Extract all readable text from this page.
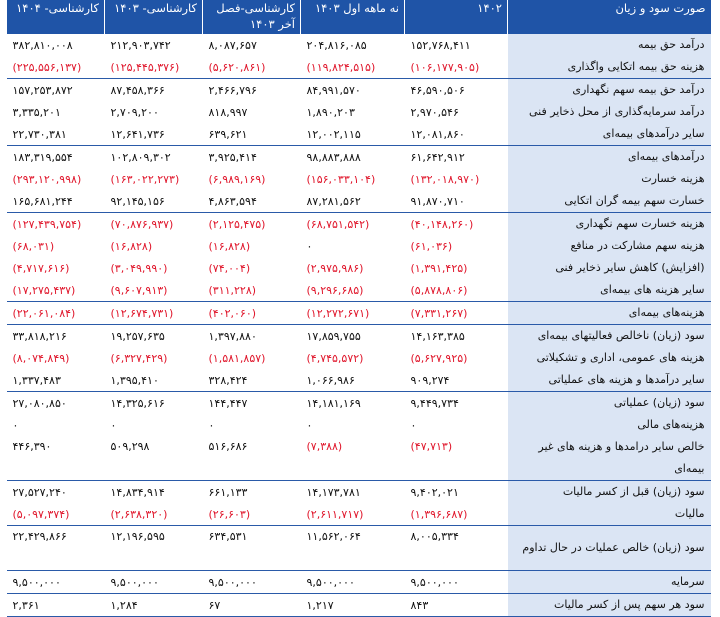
صورت سود و زیان	۱۴۰۲	نه ماهه اول ۱۴۰۳	کارشناسی-فصل آخر ۱۴۰۳	کارشناسی- ۱۴۰۳	کارشناسی- ۱۴۰۴
درآمد حق بیمه	۱۵۲,۷۶۸,۴۱۱	۲۰۴,۸۱۶,۰۸۵	۸,۰۸۷,۶۵۷	۲۱۲,۹۰۳,۷۴۲	۳۸۲,۸۱۰,۰۰۸
هزینه حق بیمه اتکایی واگذاری	(۱۰۶,۱۷۷,۹۰۵)	(۱۱۹,۸۲۴,۵۱۵)	(۵,۶۲۰,۸۶۱)	(۱۲۵,۴۴۵,۳۷۶)	(۲۲۵,۵۵۶,۱۳۷)
درآمد حق بیمه سهم نگهداری	۴۶,۵۹۰,۵۰۶	۸۴,۹۹۱,۵۷۰	۲,۴۶۶,۷۹۶	۸۷,۴۵۸,۳۶۶	۱۵۷,۲۵۳,۸۷۲
درآمد سرمایه‌گذاری از محل ذخایر فنی	۲,۹۷۰,۵۴۶	۱,۸۹۰,۲۰۳	۸۱۸,۹۹۷	۲,۷۰۹,۲۰۰	۳,۳۳۵,۲۰۱
سایر درآمدهای بیمه‌ای	۱۲,۰۸۱,۸۶۰	۱۲,۰۰۲,۱۱۵	۶۳۹,۶۲۱	۱۲,۶۴۱,۷۳۶	۲۲,۷۳۰,۳۸۱
درآمدهای بیمه‌ای	۶۱,۶۴۲,۹۱۲	۹۸,۸۸۳,۸۸۸	۳,۹۲۵,۴۱۴	۱۰۲,۸۰۹,۳۰۲	۱۸۳,۳۱۹,۵۵۴
هزینه خسارت	(۱۳۲,۰۱۸,۹۷۰)	(۱۵۶,۰۳۳,۱۰۴)	(۶,۹۸۹,۱۶۹)	(۱۶۳,۰۲۲,۲۷۳)	(۲۹۳,۱۲۰,۹۹۸)
خسارت سهم بیمه گران اتکایی	۹۱,۸۷۰,۷۱۰	۸۷,۲۸۱,۵۶۲	۴,۸۶۳,۵۹۴	۹۲,۱۴۵,۱۵۶	۱۶۵,۶۸۱,۲۴۴
هزینه خسارت سهم نگهداری	(۴۰,۱۴۸,۲۶۰)	(۶۸,۷۵۱,۵۴۲)	(۲,۱۲۵,۴۷۵)	(۷۰,۸۷۶,۹۳۷)	(۱۲۷,۴۳۹,۷۵۴)
هزینه سهم مشارکت در منافع	(۶۱,۰۳۶)	۰	(۱۶,۸۲۸)	(۱۶,۸۲۸)	(۶۸,۰۳۱)
(افزایش) کاهش سایر ذخایر فنی	(۱,۳۹۱,۴۲۵)	(۲,۹۷۵,۹۸۶)	(۷۴,۰۰۴)	(۳,۰۴۹,۹۹۰)	(۴,۷۱۷,۶۱۶)
سایر هزینه های بیمه‌ای	(۵,۸۷۸,۸۰۶)	(۹,۲۹۶,۶۸۵)	(۳۱۱,۲۲۸)	(۹,۶۰۷,۹۱۳)	(۱۷,۲۷۵,۴۳۷)
هزینه‌های بیمه‌ای	(۷,۳۳۱,۲۶۷)	(۱۲,۲۷۲,۶۷۱)	(۴۰۲,۰۶۰)	(۱۲,۶۷۴,۷۳۱)	(۲۲,۰۶۱,۰۸۴)
سود (زیان) ناخالص فعالیتهای بیمه‌ای	۱۴,۱۶۳,۳۸۵	۱۷,۸۵۹,۷۵۵	۱,۳۹۷,۸۸۰	۱۹,۲۵۷,۶۳۵	۳۳,۸۱۸,۲۱۶
هزینه های عمومی، اداری و تشکیلاتی	(۵,۶۲۷,۹۲۵)	(۴,۷۴۵,۵۷۲)	(۱,۵۸۱,۸۵۷)	(۶,۳۲۷,۴۲۹)	(۸,۰۷۴,۸۴۹)
سایر درآمدها و هزینه های عملیاتی	۹۰۹,۲۷۴	۱,۰۶۶,۹۸۶	۳۲۸,۴۲۴	۱,۳۹۵,۴۱۰	۱,۳۳۷,۴۸۳
سود (زیان) عملیاتی	۹,۴۴۹,۷۳۴	۱۴,۱۸۱,۱۶۹	۱۴۴,۴۴۷	۱۴,۳۲۵,۶۱۶	۲۷,۰۸۰,۸۵۰
هزینه‌های مالی	۰	۰	۰	۰	۰
خالص سایر درامدها و هزینه های غیر بیمه‌ای	(۴۷,۷۱۳)	(۷,۳۸۸)	۵۱۶,۶۸۶	۵۰۹,۲۹۸	۴۴۶,۳۹۰
سود (زیان) قبل از کسر مالیات	۹,۴۰۲,۰۲۱	۱۴,۱۷۳,۷۸۱	۶۶۱,۱۳۳	۱۴,۸۳۴,۹۱۴	۲۷,۵۲۷,۲۴۰
مالیات	(۱,۳۹۶,۶۸۷)	(۲,۶۱۱,۷۱۷)	(۲۶,۶۰۳)	(۲,۶۳۸,۳۲۰)	(۵,۰۹۷,۳۷۴)
سود (زیان) خالص عملیات در حال تداوم	۸,۰۰۵,۳۳۴	۱۱,۵۶۲,۰۶۴	۶۳۴,۵۳۱	۱۲,۱۹۶,۵۹۵	۲۲,۴۲۹,۸۶۶
سرمایه	۹,۵۰۰,۰۰۰	۹,۵۰۰,۰۰۰	۹,۵۰۰,۰۰۰	۹,۵۰۰,۰۰۰	۹,۵۰۰,۰۰۰
سود هر سهم پس از کسر مالیات	۸۴۳	۱,۲۱۷	۶۷	۱,۲۸۴	۲,۳۶۱
